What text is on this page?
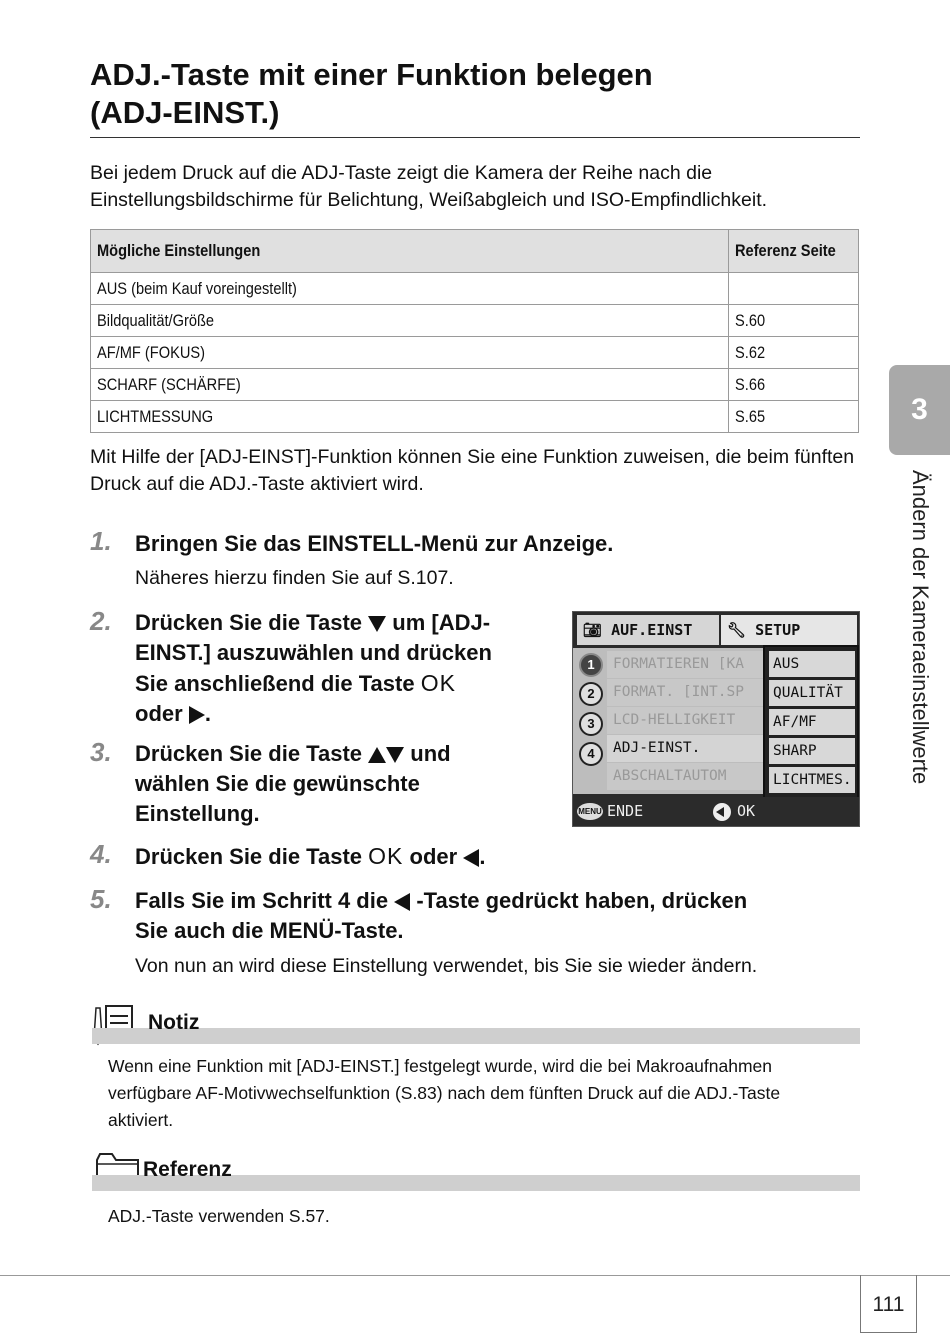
ADJ.-Taste mit einer Funktion belegen
(ADJ-EINST.)
Bei jedem Druck auf die ADJ-Taste zeigt die Kamera der Reihe nach die Einstellungsbildschirme für Belichtung, Weißabgleich und ISO-Empfindlichkeit.
Mögliche Einstellungen	Referenz Seite
AUS (beim Kauf voreingestellt)	
Bildqualität/Größe	S.60
AF/MF (FOKUS)	S.62
SCHARF (SCHÄRFE)	S.66
LICHTMESSUNG	S.65
Mit Hilfe der [ADJ-EINST]-Funktion können Sie eine Funktion zuweisen, die beim fünften Druck auf die ADJ.-Taste aktiviert wird.
1. Bringen Sie das EINSTELL-Menü zur Anzeige.
Näheres hierzu finden Sie auf S.107.
2. Drücken Sie die Taste um [ADJ-
EINST.] auszuwählen und drücken
Sie anschließend die Taste OK
oder .
3. Drücken Sie die Taste und
wählen Sie die gewünschte
Einstellung.
4. Drücken Sie die Taste OK oder .
5. Falls Sie im Schritt 4 die -Taste gedrückt haben, drücken
Sie auch die MENÜ-Taste.
Von nun an wird diese Einstellung verwendet, bis Sie sie wieder ändern.
📷︎ AUF.EINST	🔧︎ SETUP
1
2
3
4
FORMATIEREN [KA
FORMAT. [INT.SP
LCD-HELLIGKEIT
ADJ-EINST.
ABSCHALTAUTOM
AUS
QUALITÄT
AF/MF
SHARP
LICHTMES.
MENU ENDE	OK
Notiz
Wenn eine Funktion mit [ADJ-EINST.] festgelegt wurde, wird die bei Makroaufnahmen verfügbare AF-Motivwechselfunktion (S.83) nach dem fünften Druck auf die ADJ.-Taste aktiviert.
Referenz
ADJ.-Taste verwenden S.57.
3
Ändern der Kameraeinstellwerte
111
